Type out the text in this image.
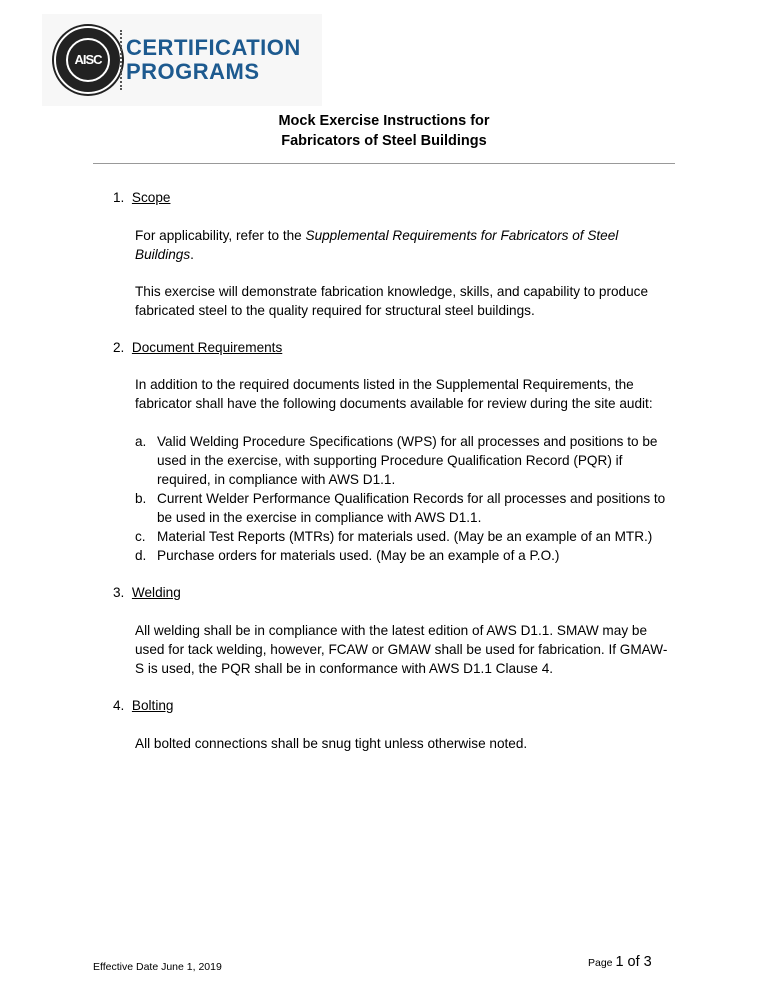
AISC	CERTIFICATION
PROGRAMS
Mock Exercise Instructions for
Fabricators of Steel Buildings
1. Scope
For applicability, refer to the Supplemental Requirements for Fabricators of Steel Buildings.
This exercise will demonstrate fabrication knowledge, skills, and capability to produce fabricated steel to the quality required for structural steel buildings.
2. Document Requirements
In addition to the required documents listed in the Supplemental Requirements, the fabricator shall have the following documents available for review during the site audit:
a. Valid Welding Procedure Specifications (WPS) for all processes and positions to be used in the exercise, with supporting Procedure Qualification Record (PQR) if required, in compliance with AWS D1.1.
b. Current Welder Performance Qualification Records for all processes and positions to be used in the exercise in compliance with AWS D1.1.
c. Material Test Reports (MTRs) for materials used. (May be an example of an MTR.)
d. Purchase orders for materials used. (May be an example of a P.O.)
3. Welding
All welding shall be in compliance with the latest edition of AWS D1.1. SMAW may be used for tack welding, however, FCAW or GMAW shall be used for fabrication. If GMAW-S is used, the PQR shall be in conformance with AWS D1.1 Clause 4.
4. Bolting
All bolted connections shall be snug tight unless otherwise noted.
Effective Date June 1, 2019	Page 1 of 3
